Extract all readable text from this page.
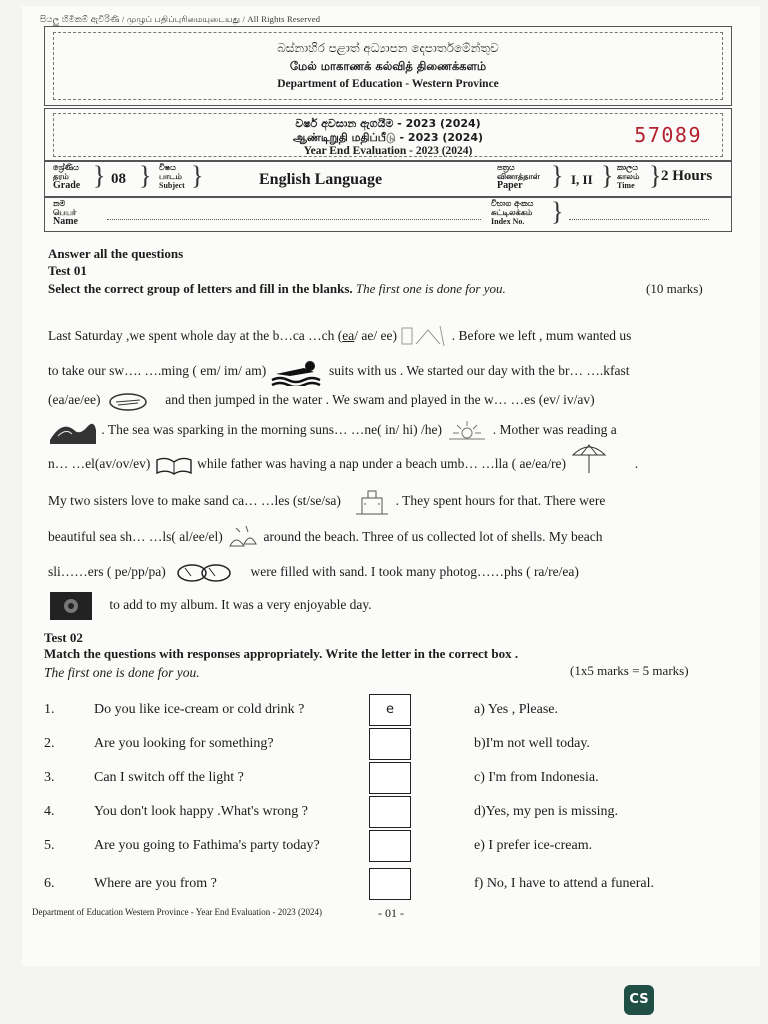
සියලු හිමිකම් ඇවිරිණි / முழுப் பதிப்புரிமையுடையது / All Rights Reserved
බස්නාහිර පළාත් අධ්‍යාපන දෙපාර්තමේන්තුව
மேல் மாகாணக் கல்வித் திணைக்களம்
Department of Education - Western Province
වර්ෂ අවසාන ඇගයීම - 2023 (2024)
ஆண்டிறுதி மதிப்பீடு - 2023 (2024)
Year End Evaluation - 2023 (2024)
57089
ශ්‍රේණිය
தரம்
Grade } 08 } විෂය
பாடம்
Subject }	English Language
පත්‍රය
வினாத்தாள்
Paper	} I, II } කාලය
காலம்
Time } 2 Hours
නම
பெயர்
Name
විභාග අංකය
சுட்டிலக்கம்
Index No.	}
Answer all the questions
Test 01
Select the correct group of letters and fill in the blanks. The first one is done for you.	(10 marks)
Last Saturday ,we spent whole day at the b…ca …ch (ea/ ae/ ee)	. Before we left , mum wanted us
to take our sw…. ….ming ( em/ im/ am)	suits with us . We started our day with the br… ….kfast
(ea/ae/ee)	and then jumped in the water . We swam and played in the w… …es (ev/ iv/av)
. The sea was sparking in the morning suns… …ne( in/ hi) /he)	. Mother was reading a
n… …el(av/ov/ev)	while father was having a nap under a beach umb… …lla ( ae/ea/re)	.
My two sisters love to make sand ca… …les (st/se/sa)	. They spent hours for that. There were
beautiful sea sh… …ls( al/ee/el)	around the beach. Three of us collected lot of shells. My beach
sli……ers ( pe/pp/pa)	were filled with sand. I took many photog……phs ( ra/re/ea)
to add to my album. It was a very enjoyable day.
Test 02
Match the questions with responses appropriately. Write the letter in the correct box .
The first one is done for you.	(1x5 marks = 5 marks)
1.	Do you like ice-cream or cold drink ?	e	a) Yes , Please.
2.	Are you looking for something?	b)I'm not well today.
3.	Can I switch off the light ?	c) I'm from Indonesia.
4.	You don't look happy .What's wrong ?	d)Yes, my pen is missing.
5.	Are you going to Fathima's party today?	e) I prefer ice-cream.
6.	Where are you from ?	f) No, I have to attend a funeral.
Department of Education Western Province - Year End Evaluation - 2023 (2024)	- 01 -
CS
